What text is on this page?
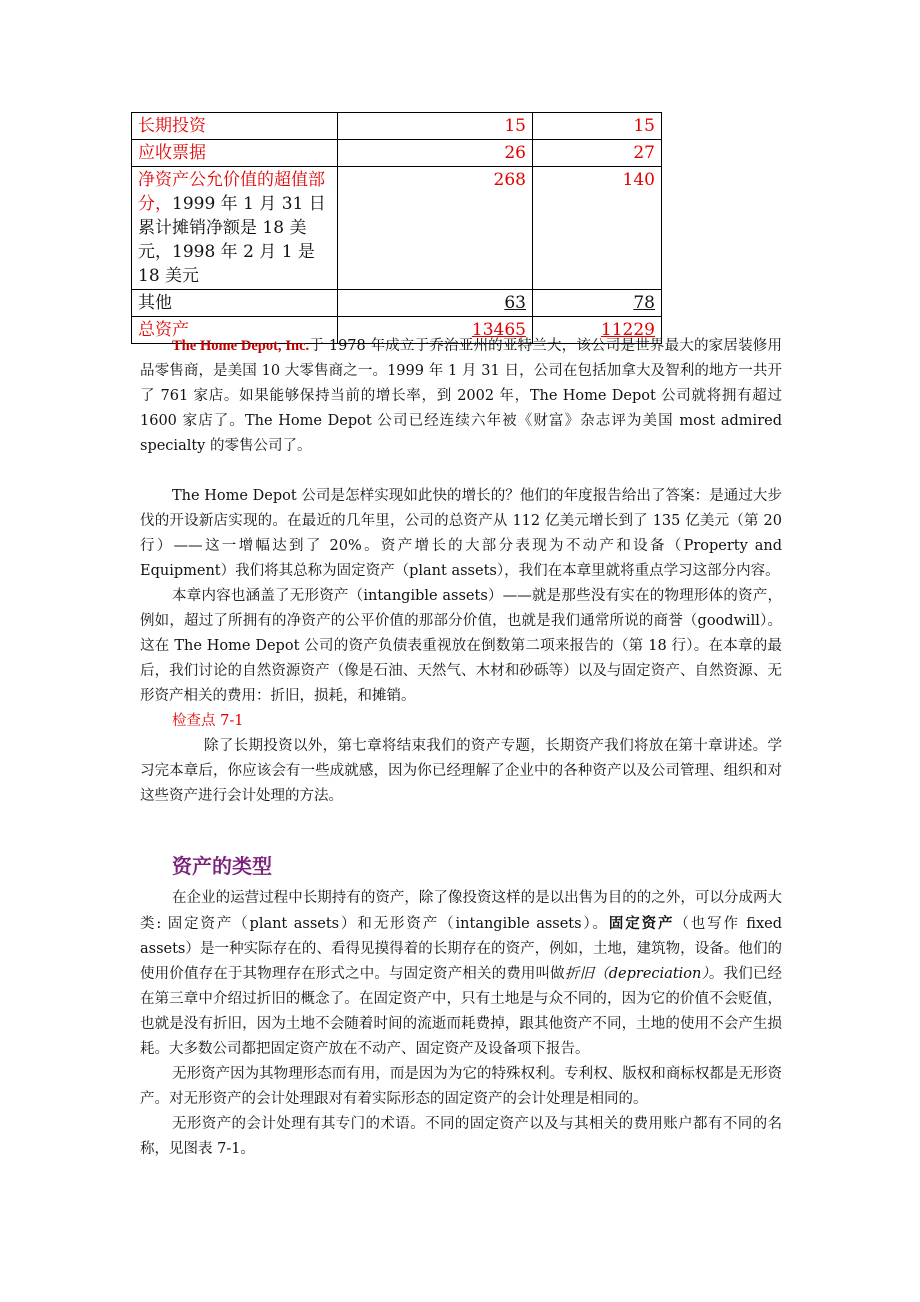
长期投资	15	15
应收票据	26	27
净资产公允价值的超值部分，1999 年 1 月 31 日累计摊销净额是 18 美元，1998 年 2 月 1 是 18 美元	268	140
其他	63	78
总资产	13465	11229

The Home Depot, Inc.于 1978 年成立于乔治亚州的亚特兰大，该公司是世界最大的家居装修用品零售商，是美国 10 大零售商之一。1999 年 1 月 31 日，公司在包括加拿大及智利的地方一共开了 761 家店。如果能够保持当前的增长率，到 2002 年，The Home Depot 公司就将拥有超过 1600 家店了。The Home Depot 公司已经连续六年被《财富》杂志评为美国 most admired specialty 的零售公司了。

The Home Depot 公司是怎样实现如此快的增长的？他们的年度报告给出了答案：是通过大步伐的开设新店实现的。在最近的几年里，公司的总资产从 112 亿美元增长到了 135 亿美元（第 20 行）——这一增幅达到了 20%。资产增长的大部分表现为不动产和设备（Property and Equipment）我们将其总称为固定资产（plant assets），我们在本章里就将重点学习这部分内容。

本章内容也涵盖了无形资产（intangible assets）——就是那些没有实在的物理形体的资产，例如，超过了所拥有的净资产的公平价值的那部分价值，也就是我们通常所说的商誉（goodwill）。这在 The Home Depot 公司的资产负债表重视放在倒数第二项来报告的（第 18 行）。在本章的最后，我们讨论的自然资源资产（像是石油、天然气、木材和砂砾等）以及与固定资产、自然资源、无形资产相关的费用：折旧，损耗，和摊销。

检查点 7-1

除了长期投资以外，第七章将结束我们的资产专题，长期资产我们将放在第十章讲述。学习完本章后，你应该会有一些成就感，因为你已经理解了企业中的各种资产以及公司管理、组织和对这些资产进行会计处理的方法。

资产的类型

在企业的运营过程中长期持有的资产，除了像投资这样的是以出售为目的的之外，可以分成两大类: 固定资产（plant assets）和无形资产（intangible assets）。固定资产（也写作 fixed assets）是一种实际存在的、看得见摸得着的长期存在的资产，例如，土地，建筑物，设备。他们的使用价值存在于其物理存在形式之中。与固定资产相关的费用叫做折旧（depreciation）。我们已经在第三章中介绍过折旧的概念了。在固定资产中，只有土地是与众不同的，因为它的价值不会贬值，也就是没有折旧，因为土地不会随着时间的流逝而耗费掉，跟其他资产不同，土地的使用不会产生损耗。大多数公司都把固定资产放在不动产、固定资产及设备项下报告。

无形资产因为其物理形态而有用，而是因为为它的特殊权利。专利权、版权和商标权都是无形资产。对无形资产的会计处理跟对有着实际形态的固定资产的会计处理是相同的。

无形资产的会计处理有其专门的术语。不同的固定资产以及与其相关的费用账户都有不同的名称，见图表 7-1。
